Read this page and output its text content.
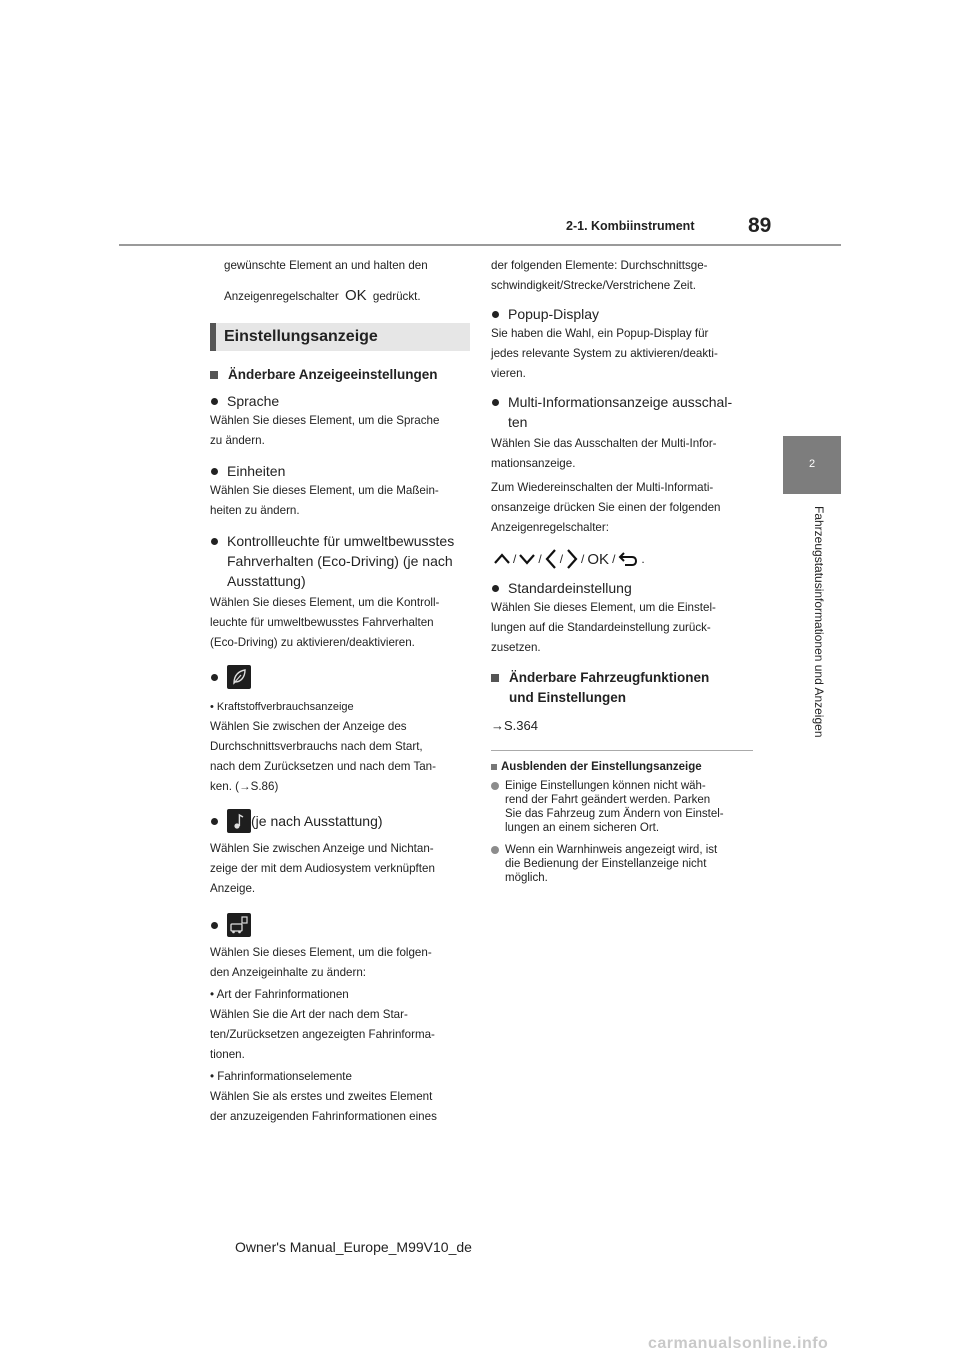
89
2-1. Kombiinstrument
2
Fahrzeugstatusinformationen und Anzeigen

gewünschte Element an und halten den

Anzeigenregelschalter OK gedrückt.

Einstellungsanzeige
Änderbare Anzeigeeinstellungen
Sprache

Wählen Sie dieses Element, um die Sprache

zu ändern.

Einheiten

Wählen Sie dieses Element, um die Maßein-

heiten zu ändern.

Kontrollleuchte für umweltbewusstes
Fahrverhalten (Eco-Driving) (je nach
Ausstattung)

Wählen Sie dieses Element, um die Kontroll-

leuchte für umweltbewusstes Fahrverhalten

(Eco-Driving) zu aktivieren/deaktivieren.

• Kraftstoffverbrauchsanzeige

Wählen Sie zwischen der Anzeige des

Durchschnittsverbrauchs nach dem Start,

nach dem Zurücksetzen und nach dem Tan-

ken. (→S.86)

(je nach Ausstattung)

Wählen Sie zwischen Anzeige und Nichtan-

zeige der mit dem Audiosystem verknüpften

Anzeige.

Wählen Sie dieses Element, um die folgen-

den Anzeigeinhalte zu ändern:

• Art der Fahrinformationen

Wählen Sie die Art der nach dem Star-

ten/Zurücksetzen angezeigten Fahrinforma-

tionen.

• Fahrinformationselemente

Wählen Sie als erstes und zweites Element

der anzuzeigenden Fahrinformationen eines

der folgenden Elemente: Durchschnittsge-

schwindigkeit/Strecke/Verstrichene Zeit.

Popup-Display

Sie haben die Wahl, ein Popup-Display für

jedes relevante System zu aktivieren/deakti-

vieren.

Multi-Informationsanzeige ausschal-
ten

Wählen Sie das Ausschalten der Multi-Infor-

mationsanzeige.

Zum Wiedereinschalten der Multi-Informati-

onsanzeige drücken Sie einen der folgenden

Anzeigenregelschalter:

/ / / / OK / .
Standardeinstellung

Wählen Sie dieses Element, um die Einstel-

lungen auf die Standardeinstellung zurück-

zusetzen.

Änderbare Fahrzeugfunktionen
und Einstellungen

→S.364

Ausblenden der Einstellungsanzeige
Einige Einstellungen können nicht wäh-
rend der Fahrt geändert werden. Parken
Sie das Fahrzeug zum Ändern von Einstel-
lungen an einem sicheren Ort.
Wenn ein Warnhinweis angezeigt wird, ist
die Bedienung der Einstellanzeige nicht
möglich.
Owner's Manual_Europe_M99V10_de
carmanualsonline.info
